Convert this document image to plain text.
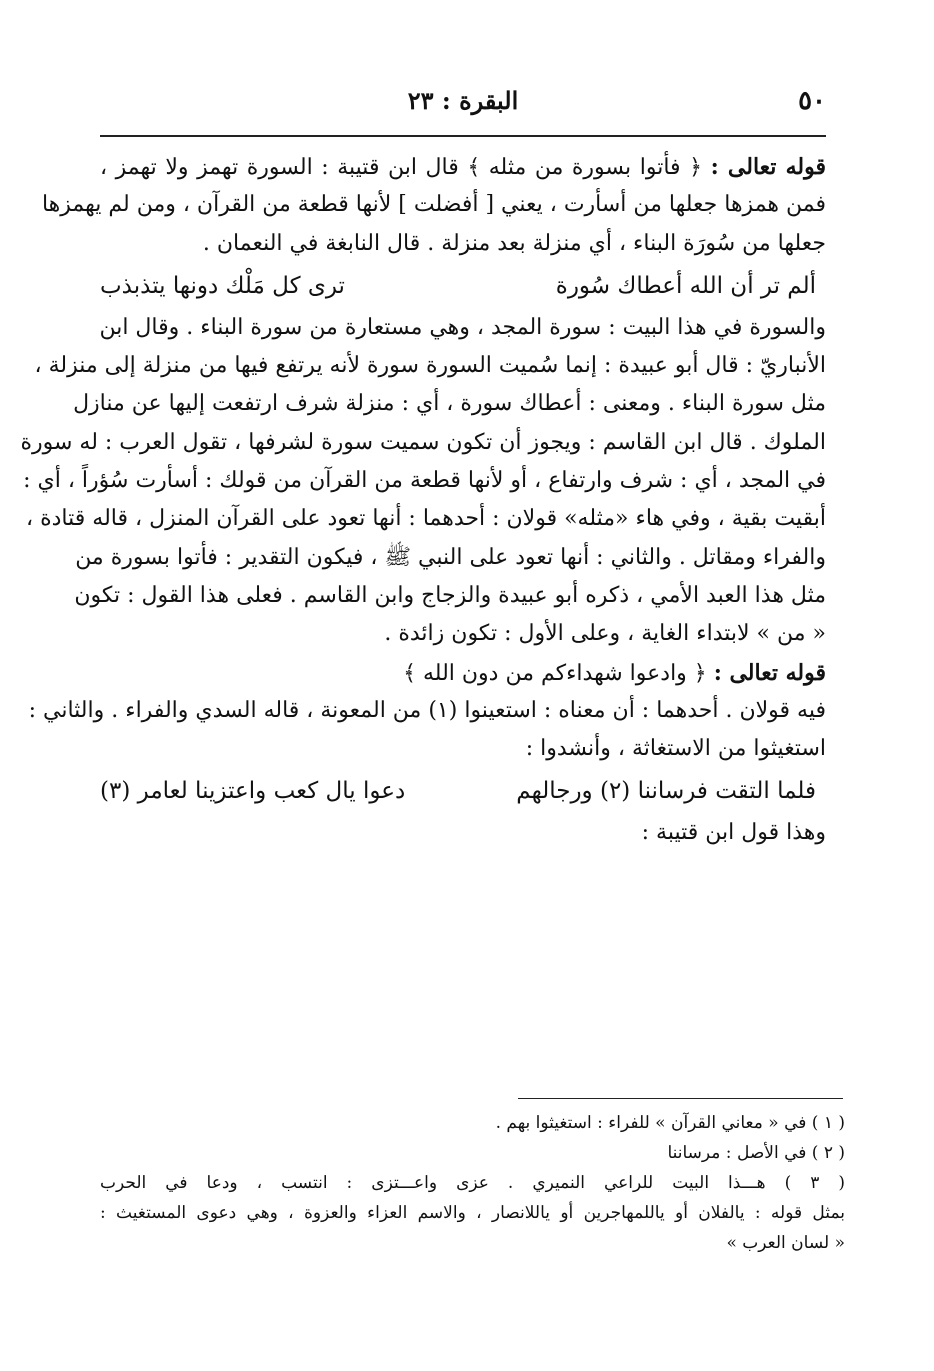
٥٠
البقرة : ٢٣
قوله تعالى : ﴿ فأتوا بسورة من مثله ﴾ قال ابن قتيبة : السورة تهمز ولا تهمز ،
فمن همزها جعلها من أسأرت ، يعني [ أفضلت ] لأنها قطعة من القرآن ، ومن لم يهمزها
جعلها من سُورَة البناء ، أي منزلة بعد منزلة . قال النابغة في النعمان .
ألم تر أن الله أعطاك سُورة
ترى كل مَلْك دونها يتذبذب
والسورة في هذا البيت : سورة المجد ، وهي مستعارة من سورة البناء . وقال ابن
الأنباريّ : قال أبو عبيدة : إنما سُميت السورة سورة لأنه يرتفع فيها من منزلة إلى منزلة ،
مثل سورة البناء . ومعنى : أعطاك سورة ، أي : منزلة شرف ارتفعت إليها عن منازل
الملوك . قال ابن القاسم : ويجوز أن تكون سميت سورة لشرفها ، تقول العرب : له سورة
في المجد ، أي : شرف وارتفاع ، أو لأنها قطعة من القرآن من قولك : أسأرت سُؤراً ، أي :
أبقيت بقية ، وفي هاء «مثله» قولان : أحدهما : أنها تعود على القرآن المنزل ، قاله قتادة ،
والفراء ومقاتل . والثاني : أنها تعود على النبي ﷺ ، فيكون التقدير : فأتوا بسورة من
مثل هذا العبد الأمي ، ذكره أبو عبيدة والزجاج وابن القاسم . فعلى هذا القول : تكون
« من » لابتداء الغاية ، وعلى الأول : تكون زائدة .
قوله تعالى : ﴿ وادعوا شهداءكم من دون الله ﴾
فيه قولان . أحدهما : أن معناه : استعينوا (١) من المعونة ، قاله السدي والفراء . والثاني :
استغيثوا من الاستغاثة ، وأنشدوا :
فلما التقت فرساننا (٢) ورجالهم
دعوا يال كعب واعتزينا لعامر (٣)
وهذا قول ابن قتيبة :
( ١ ) في « معاني القرآن » للفراء : استغيثوا بهم .
( ٢ ) في الأصل : مرساننا
( ٣ ) هـــذا البيت للراعي النميري . عزى واعـــتزى : انتسب ، ودعا في الحرب
بمثل قوله : يالفلان أو ياللمهاجرين أو ياللانصار ، والاسم العزاء والعزوة ، وهي دعوى المستغيث :
« لسان العرب »
